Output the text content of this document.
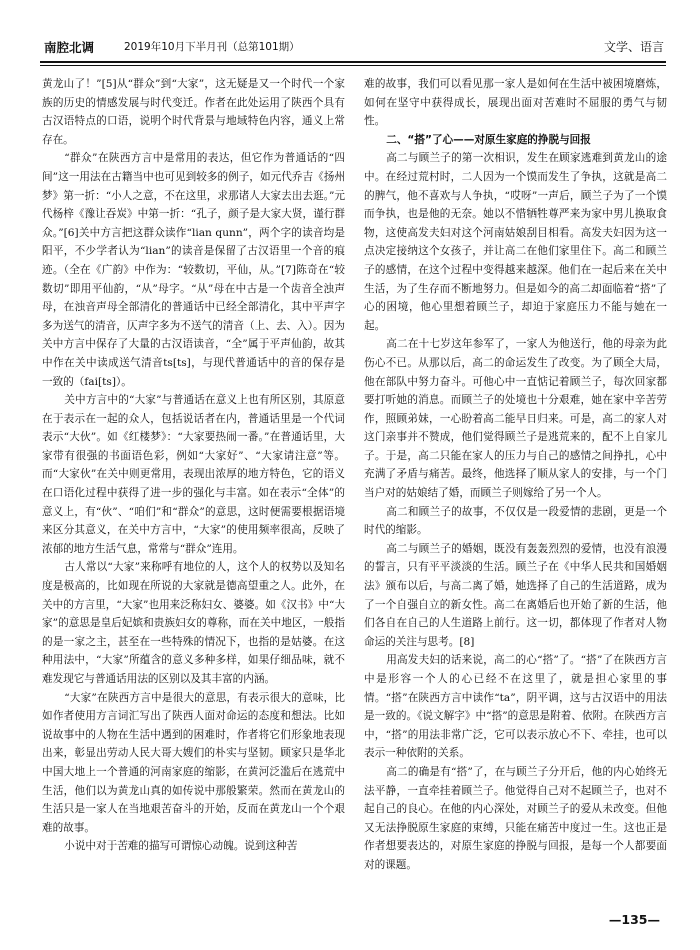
南腔北调	2019年10月下半月刊（总第101期）	文学、语言

黄龙山了！”[5]从“群众”到“大家”，这无疑是又一个时代一个家族的历史的情感发展与时代变迁。作者在此处运用了陕西个具有古汉语特点的口语，说明个时代背景与地域特色内容，通义上常存在。

“群众”在陕西方言中是常用的表达，但它作为普通话的“四间”这一用法在古籍当中也可见到较多的例子，如元代乔吉《扬州梦》第一折：“小人之意，不在这里，求那诸人大家去出去逛。”元代杨梓《豫让吞炭》中第一折：“孔子，颜子是大家大贤，谨行群众。”[6]关中方言把这群众读作“lian qunn”，两个字的读音均是阳平，不少学者认为“lian”的读音是保留了古汉语里一个音的痕迹。（全在《广韵》中作为：“较数切，平仙，从。”[7]陈奇在“较数切”即用平仙韵，“从”母字。“从”母在中古是一个齿音全浊声母，在浊音声母全部清化的普通话中已经全部清化，其中平声字多为送气的清音，仄声字多为不送气的清音（上、去、入）。因为关中方言中保存了大量的古汉语读音，“全”属于平声仙韵，故其中作在关中读成送气清音ts[ts]，与现代普通话中的音的保存是一致的（fai[ts]）。

关中方言中的“大家”与普通话在意义上也有所区别，其原意在于表示在一起的众人，包括说话者在内，普通话里是一个代词表示“大伙”。如《红楼梦》：“大家要热闹一番。”在普通话里，大家带有很强的书面语色彩，例如“大家好”、“大家请注意”等。而“大家伙”在关中则更常用，表现出浓厚的地方特色，它的语义在口语化过程中获得了进一步的强化与丰富。如在表示“全体”的意义上，有“伙”、“咱们”和“群众”的意思，这时便需要根据语境来区分其意义，在关中方言中，“大家”的使用频率很高，反映了浓郁的地方生活气息，常常与“群众”连用。

古人常以“大家”来称呼有地位的人，这个人的权势以及知名度是极高的，比如现在所说的大家就是德高望重之人。此外，在关中的方言里，“大家”也用来泛称妇女、婆婆。如《汉书》中“大家”的意思是皇后妃嫔和贵族妇女的尊称，而在关中地区，一般指的是一家之主，甚至在一些特殊的情况下，也指的是姑婆。在这种用法中，“大家”所蕴含的意义多种多样，如果仔细品味，就不难发现它与普通话用法的区别以及其丰富的内涵。

“大家”在陕西方言中是很大的意思，有表示很大的意味，比如作者使用方言词汇写出了陕西人面对命运的态度和想法。比如说故事中的人物在生活中遇到的困难时，作者将它们形象地表现出来，彰显出劳动人民大哥大嫂们的朴实与坚韧。顾家只是华北中国大地上一个普通的河南家庭的缩影，在黄河泛滥后在逃荒中生活，他们以为黄龙山真的如传说中那般繁荣。然而在黄龙山的生活只是一家人在当地艰苦奋斗的开始，反而在黄龙山一个个艰难的故事。

小说中对于苦难的描写可谓惊心动魄。说到这种苦

难的故事，我们可以看见那一家人是如何在生活中被困境磨炼，如何在坚守中获得成长，展现出面对苦难时不屈服的勇气与韧性。

二、“搭”了心——对原生家庭的挣脱与回报

高二与顾兰子的第一次相识，发生在顾家逃难到黄龙山的途中。在经过荒村时，二人因为一个馍而发生了争执，这就是高二的脾气，他不喜欢与人争执，“哎呀”一声后，顾兰子为了一个馍而争执，也是他的无奈。她以不惜牺牲尊严来为家中男儿换取食物，这使高发夫妇对这个河南姑娘刮目相看。高发夫妇因为这一点决定接纳这个女孩子，并让高二在他们家里住下。高二和顾兰子的感情，在这个过程中变得越来越深。他们在一起后来在关中生活，为了生存而不断地努力。但是如今的高二却面临着“搭”了心的困境，他心里想着顾兰子，却迫于家庭压力不能与她在一起。

高二在十七岁这年参军了，一家人为他送行，他的母亲为此伤心不已。从那以后，高二的命运发生了改变。为了顾全大局，他在部队中努力奋斗。可他心中一直惦记着顾兰子，每次回家都要打听她的消息。而顾兰子的处境也十分艰难，她在家中辛苦劳作，照顾弟妹，一心盼着高二能早日归来。可是，高二的家人对这门亲事并不赞成，他们觉得顾兰子是逃荒来的，配不上自家儿子。于是，高二只能在家人的压力与自己的感情之间挣扎，心中充满了矛盾与痛苦。最终，他选择了顺从家人的安排，与一个门当户对的姑娘结了婚，而顾兰子则嫁给了另一个人。

高二和顾兰子的故事，不仅仅是一段爱情的悲剧，更是一个时代的缩影。

高二与顾兰子的婚姻，既没有轰轰烈烈的爱情，也没有浪漫的誓言，只有平平淡淡的生活。顾兰子在《中华人民共和国婚姻法》颁布以后，与高二离了婚，她选择了自己的生活道路，成为了一个自强自立的新女性。高二在离婚后也开始了新的生活，他们各自在自己的人生道路上前行。这一切，都体现了作者对人物命运的关注与思考。[8]

用高发夫妇的话来说，高二的心“搭”了。“搭”了在陕西方言中是形容一个人的心已经不在这里了，就是担心家里的事情。“搭”在陕西方言中读作“ta”，阴平调，这与古汉语中的用法是一致的。《说文解字》中“搭”的意思是附着、依附。在陕西方言中，“搭”的用法非常广泛，它可以表示放心不下、牵挂，也可以表示一种依附的关系。

高二的确是有“搭”了，在与顾兰子分开后，他的内心始终无法平静，一直牵挂着顾兰子。他觉得自己对不起顾兰子，也对不起自己的良心。在他的内心深处，对顾兰子的爱从未改变。但他又无法挣脱原生家庭的束缚，只能在痛苦中度过一生。这也正是作者想要表达的，对原生家庭的挣脱与回报，是每一个人都要面对的课题。

—135—
